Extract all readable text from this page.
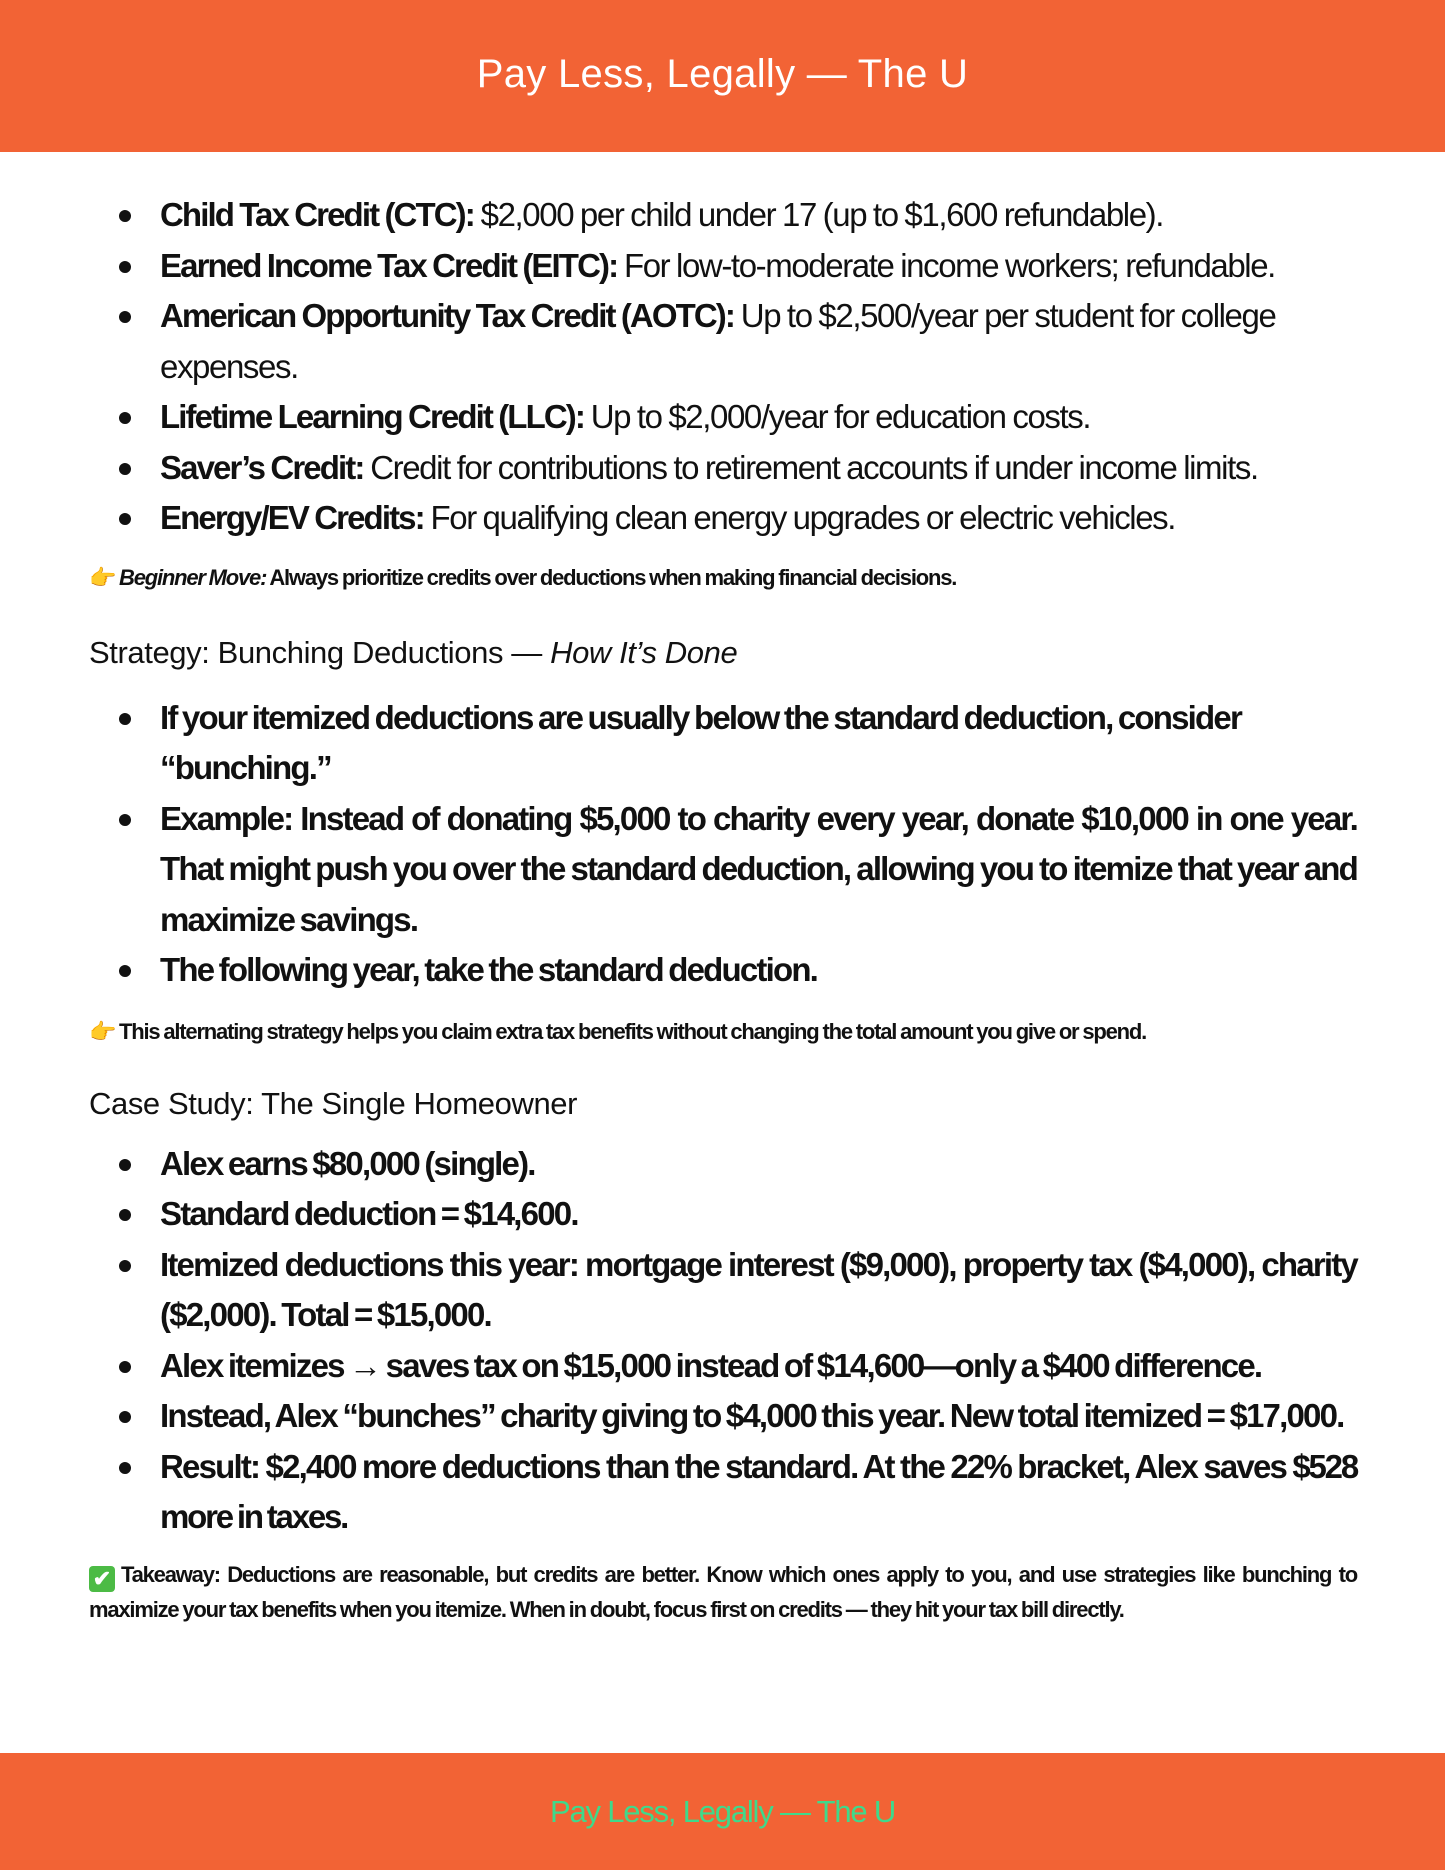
Pay Less, Legally — The U
Child Tax Credit (CTC): $2,000 per child under 17 (up to $1,600 refundable).
Earned Income Tax Credit (EITC): For low-to-moderate income workers; refundable.
American Opportunity Tax Credit (AOTC): Up to $2,500/year per student for college expenses.
Lifetime Learning Credit (LLC): Up to $2,000/year for education costs.
Saver’s Credit: Credit for contributions to retirement accounts if under income limits.
Energy/EV Credits: For qualifying clean energy upgrades or electric vehicles.

👉 Beginner Move: Always prioritize credits over deductions when making financial decisions.

Strategy: Bunching Deductions — How It’s Done
If your itemized deductions are usually below the standard deduction, consider “bunching.”
Example: Instead of donating $5,000 to charity every year, donate $10,000 in one year. That might push you over the standard deduction, allowing you to itemize that year and maximize savings.
The following year, take the standard deduction.

👉 This alternating strategy helps you claim extra tax benefits without changing the total amount you give or spend.

Case Study: The Single Homeowner
Alex earns $80,000 (single).
Standard deduction = $14,600.
Itemized deductions this year: mortgage interest ($9,000), property tax ($4,000), charity ($2,000). Total = $15,000.
Alex itemizes → saves tax on $15,000 instead of $14,600—only a $400 difference.
Instead, Alex “bunches” charity giving to $4,000 this year. New total itemized = $17,000.
Result: $2,400 more deductions than the standard. At the 22% bracket, Alex saves $528 more in taxes.

✔ Takeaway: Deductions are reasonable, but credits are better. Know which ones apply to you, and use strategies like bunching to maximize your tax benefits when you itemize. When in doubt, focus first on credits — they hit your tax bill directly.

Pay Less, Legally — The U
